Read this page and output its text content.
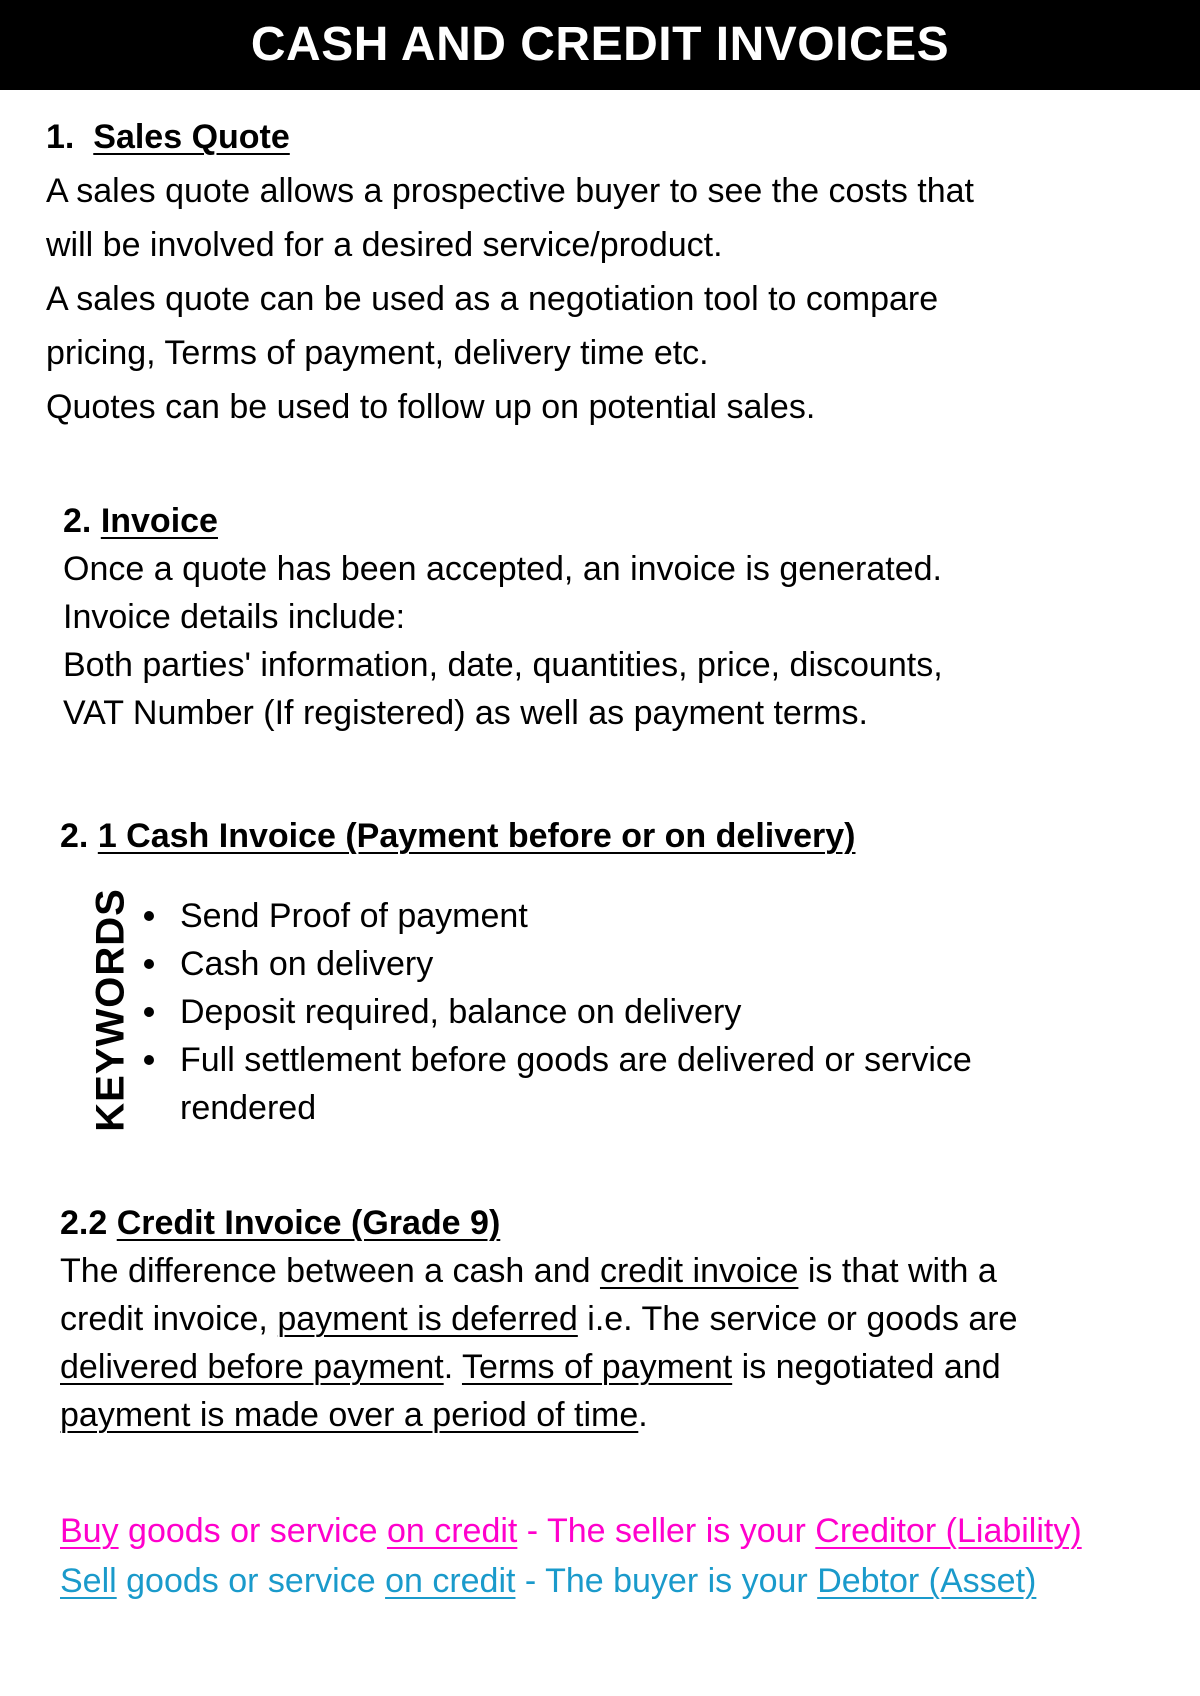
CASH AND CREDIT INVOICES
1. Sales Quote
A sales quote allows a prospective buyer to see the costs that
will be involved for a desired service/product.
A sales quote can be used as a negotiation tool to compare
pricing, Terms of payment, delivery time etc.
Quotes can be used to follow up on potential sales.
2. Invoice
Once a quote has been accepted, an invoice is generated.
Invoice details include:
Both parties' information, date, quantities, price, discounts,
VAT Number (If registered) as well as payment terms.
2. 1 Cash Invoice (Payment before or on delivery)
KEYWORDS	Send Proof of payment
Cash on delivery
Deposit required, balance on delivery
Full settlement before goods are delivered or service
rendered
2.2 Credit Invoice (Grade 9)
The difference between a cash and credit invoice is that with a
credit invoice, payment is deferred i.e. The service or goods are
delivered before payment. Terms of payment is negotiated and
payment is made over a period of time.
Buy goods or service on credit - The seller is your Creditor (Liability)
Sell goods or service on credit - The buyer is your Debtor (Asset)
